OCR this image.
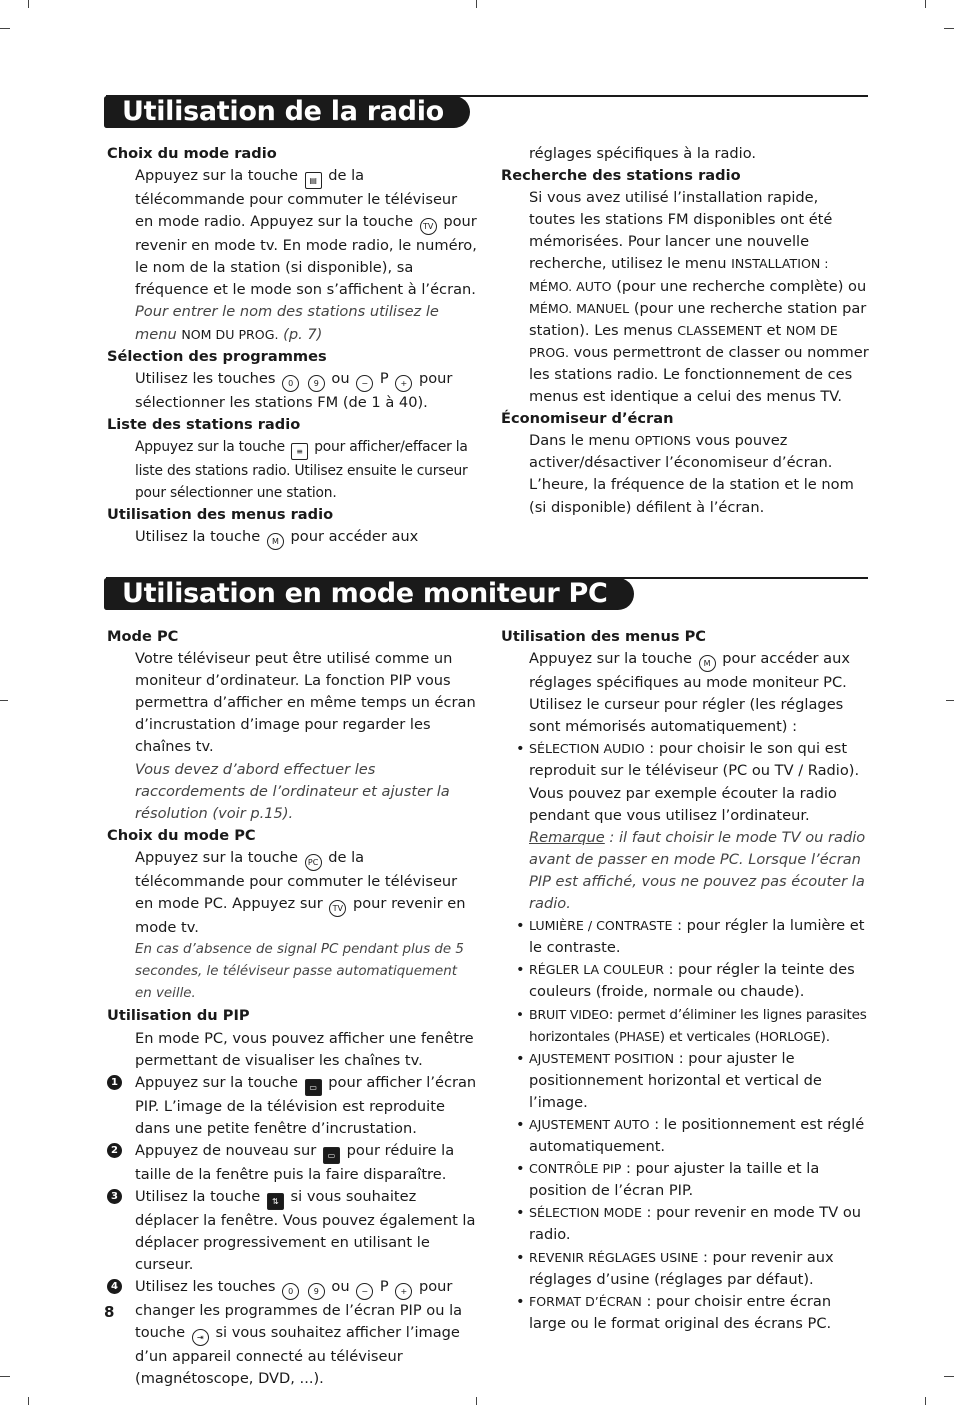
Utilisation de la radio

Choix du mode radio

Appuyez sur la touche ▤ de la télécommande pour commuter le téléviseur en mode radio. Appuyez sur la touche TV pour revenir en mode tv. En mode radio, le numéro, le nom de la station (si disponible), sa fréquence et le mode son s’affichent à l’écran.

Pour entrer le nom des stations utilisez le menu NOM DU PROG. (p. 7)

Sélection des programmes

Utilisez les touches 0	9 ou − P + pour sélectionner les stations FM (de 1 à 40).

Liste des stations radio

Appuyez sur la touche ≡ pour afficher/effacer la liste des stations radio. Utilisez ensuite le curseur pour sélectionner une station.

Utilisation des menus radio

Utilisez la touche M pour accéder aux

réglages spécifiques à la radio.

Recherche des stations radio

Si vous avez utilisé l’installation rapide, toutes les stations FM disponibles ont été mémorisées. Pour lancer une nouvelle recherche, utilisez le menu INSTALLATION : MÉMO. AUTO (pour une recherche complète) ou MÉMO. MANUEL (pour une recherche station par station). Les menus CLASSEMENT et NOM DE PROG. vous permettront de classer ou nommer les stations radio. Le fonctionnement de ces menus est identique a celui des menus TV.

Économiseur d’écran

Dans le menu OPTIONS vous pouvez activer/désactiver l’économiseur d’écran. L’heure, la fréquence de la station et le nom (si disponible) défilent à l’écran.

Utilisation en mode moniteur PC

Mode PC

Votre téléviseur peut être utilisé comme un moniteur d’ordinateur. La fonction PIP vous permettra d’afficher en même temps un écran d’incrustation d’image pour regarder les chaînes tv.

Vous devez d’abord effectuer les raccordements de l’ordinateur et ajuster la résolution (voir p.15).

Choix du mode PC

Appuyez sur la touche PC de la télécommande pour commuter le téléviseur en mode PC. Appuyez sur TV pour revenir en mode tv.

En cas d’absence de signal PC pendant plus de 5 secondes, le téléviseur passe automatiquement en veille.

Utilisation du PIP

En mode PC, vous pouvez afficher une fenêtre permettant de visualiser les chaînes tv.

1 Appuyez sur la touche ▭ pour afficher l’écran PIP. L’image de la télévision est reproduite dans une petite fenêtre d’incrustation.

2 Appuyez de nouveau sur ▭ pour réduire la taille de la fenêtre puis la faire disparaître.

3 Utilisez la touche ⇅ si vous souhaitez déplacer la fenêtre. Vous pouvez également la déplacer progressivement en utilisant le curseur.

4 Utilisez les touches 0	9 ou − P + pour changer les programmes de l’écran PIP ou la touche ⇥ si vous souhaitez afficher l’image d’un appareil connecté au téléviseur (magnétoscope, DVD, ...).

Utilisation des menus PC

Appuyez sur la touche M pour accéder aux réglages spécifiques au mode moniteur PC. Utilisez le curseur pour régler (les réglages sont mémorisés automatiquement) :

• SÉLECTION AUDIO : pour choisir le son qui est reproduit sur le téléviseur (PC ou TV / Radio). Vous pouvez par exemple écouter la radio pendant que vous utilisez l’ordinateur.

Remarque : il faut choisir le mode TV ou radio avant de passer en mode PC. Lorsque l’écran PIP est affiché, vous ne pouvez pas écouter la radio.

• LUMIÈRE / CONTRASTE : pour régler la lumière et le contraste.

• RÉGLER LA COULEUR : pour régler la teinte des couleurs (froide, normale ou chaude).

• BRUIT VIDEO: permet d’éliminer les lignes parasites horizontales (PHASE) et verticales (HORLOGE).

• AJUSTEMENT POSITION : pour ajuster le positionnement horizontal et vertical de l’image.

• AJUSTEMENT AUTO : le positionnement est réglé automatiquement.

• CONTRÔLE PIP : pour ajuster la taille et la position de l’écran PIP.

• SÉLECTION MODE : pour revenir en mode TV ou radio.

• REVENIR RÉGLAGES USINE : pour revenir aux réglages d’usine (réglages par défaut).

• FORMAT D’ÉCRAN : pour choisir entre écran large ou le format original des écrans PC.

8
